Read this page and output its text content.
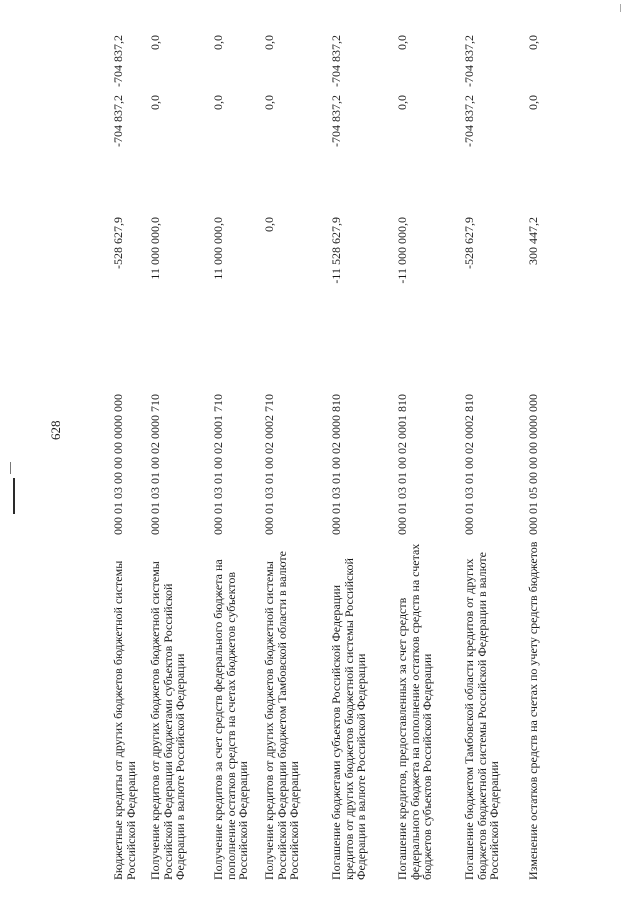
628
Бюджетные кредиты от других бюджетов бюджетной системы Российской Федерации
000 01 03 00 00 00 0000 000
-528 627,9
-704 837,2
-704 837,2
Получение кредитов от других бюджетов бюджетной системы Российской Федерации бюджетами субъектов Российской Федерации в валюте Российской Федерации
000 01 03 01 00 02 0000 710
11 000 000,0
0,0
0,0
Получение кредитов за счет средств федерального бюджета на пополнение остатков средств на счетах бюджетов субъектов Российской Федерации
000 01 03 01 00 02 0001 710
11 000 000,0
0,0
0,0
Получение кредитов от других бюджетов бюджетной системы Российской Федерации бюджетом Тамбовской области в валюте Российской Федерации
000 01 03 01 00 02 0002 710
0,0
0,0
0,0
Погашение бюджетами субъектов Российской Федерации кредитов от других бюджетов бюджетной системы Российской Федерации в валюте Российской Федерации
000 01 03 01 00 02 0000 810
-11 528 627,9
-704 837,2
-704 837,2
Погашение кредитов, предоставленных за счет средств федерального бюджета на пополнение остатков средств на счетах бюджетов субъектов Российской Федерации
000 01 03 01 00 02 0001 810
-11 000 000,0
0,0
0,0
Погашение бюджетом Тамбовской области кредитов от других бюджетов бюджетной системы Российской Федерации в валюте Российской Федерации
000 01 03 01 00 02 0002 810
-528 627,9
-704 837,2
-704 837,2
Изменение остатков средств на счетах по учету средств бюджетов
000 01 05 00 00 00 0000 000
300 447,2
0,0
0,0
